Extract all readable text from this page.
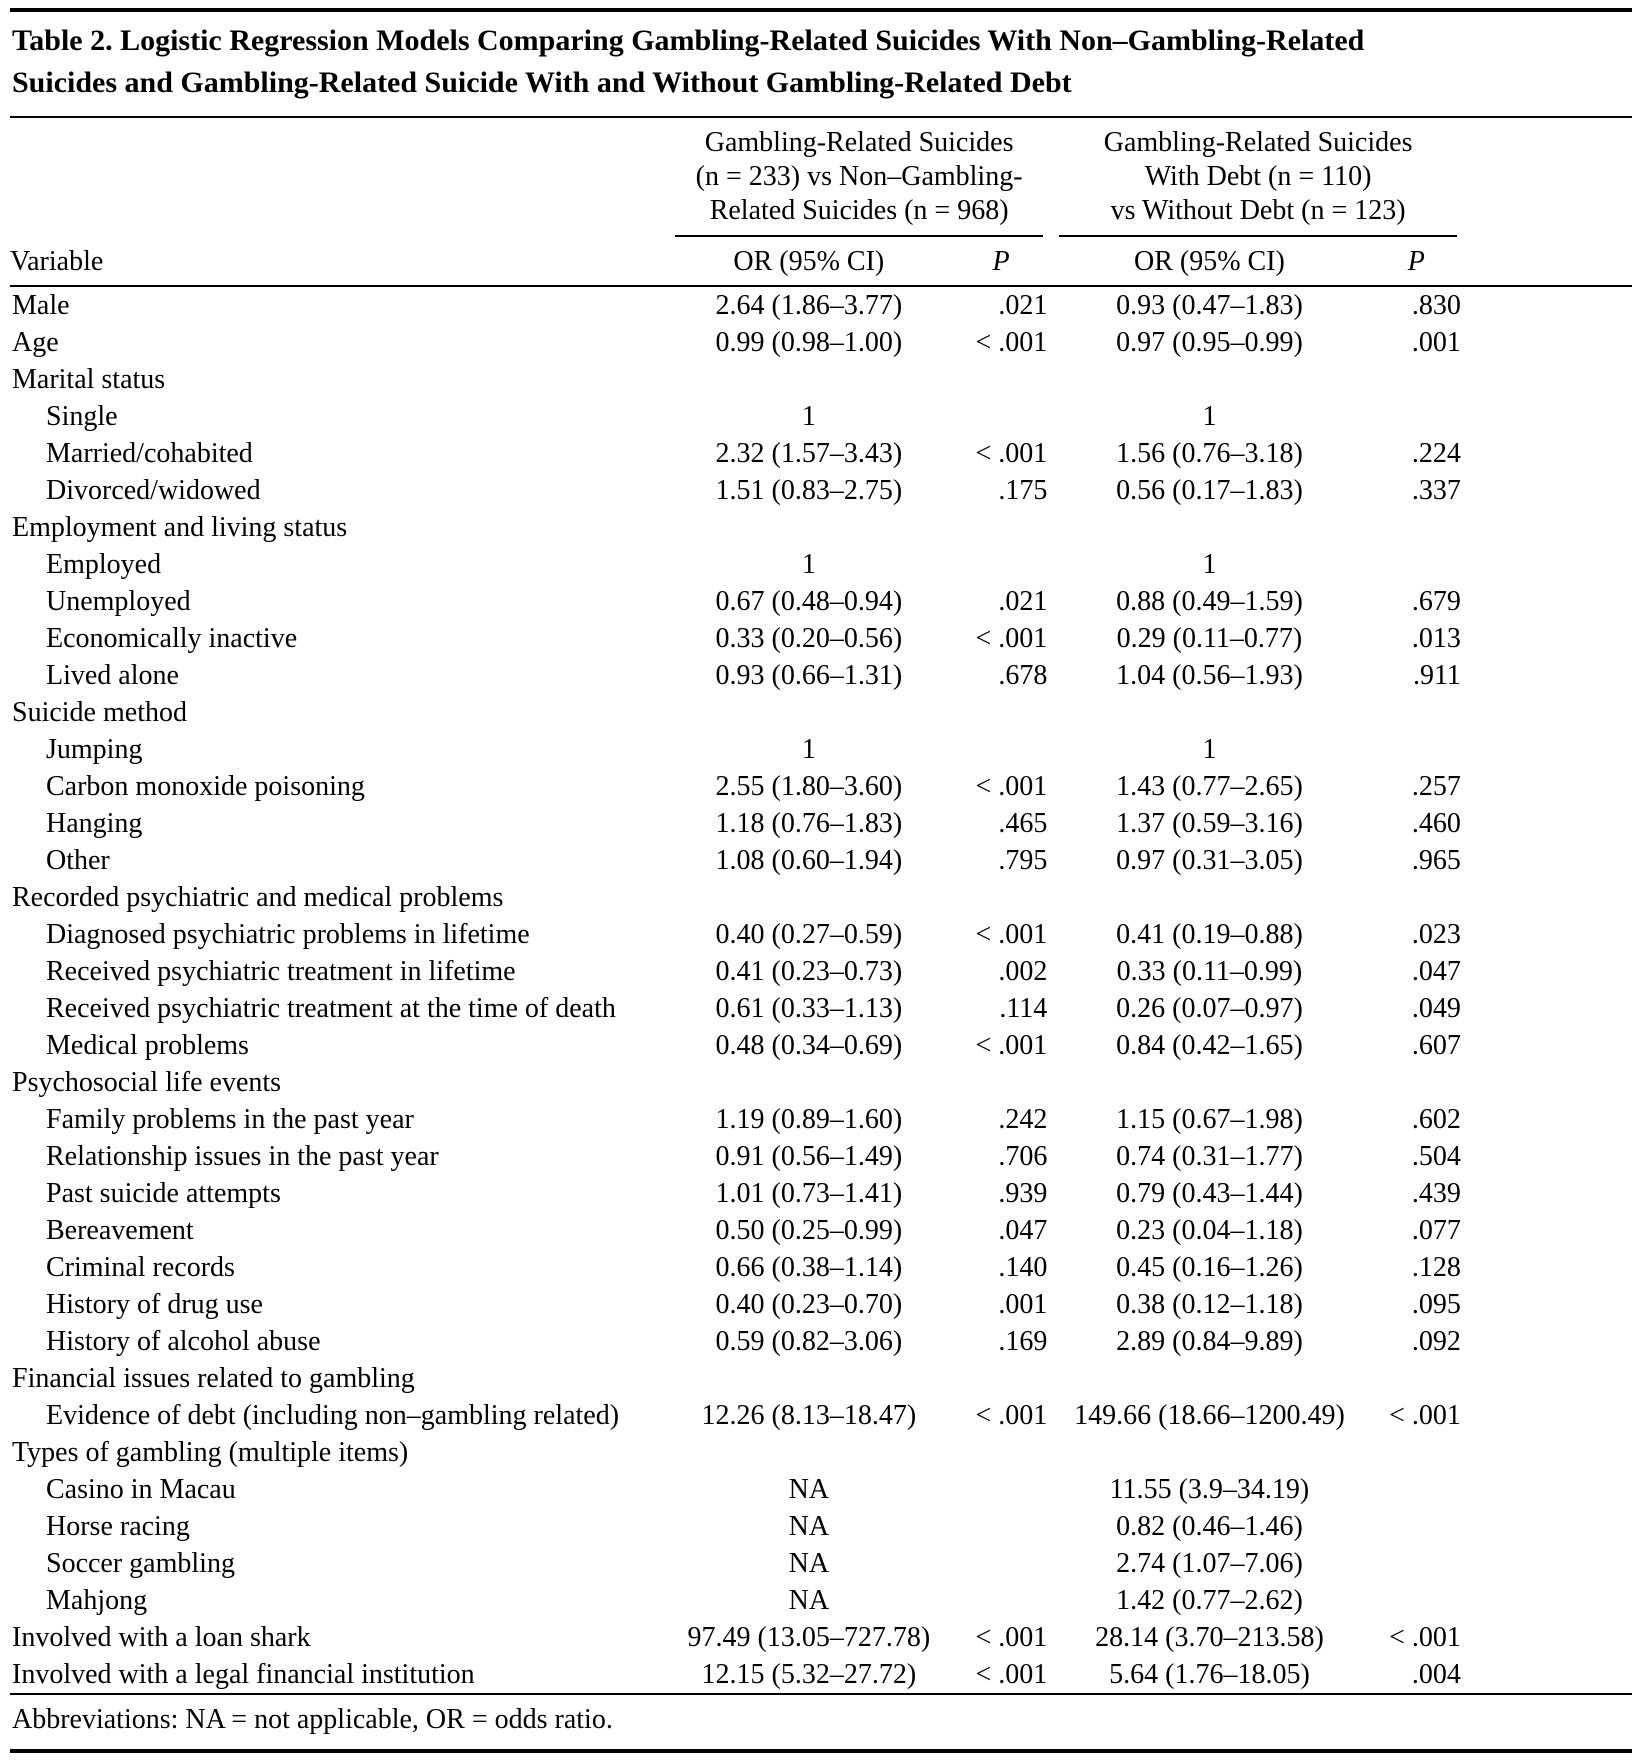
Table 2. Logistic Regression Models Comparing Gambling-Related Suicides With Non–Gambling-Related
Suicides and Gambling-Related Suicide With and Without Gambling-Related Debt

Gambling-Related Suicides
(n = 233) vs Non–Gambling-
Related Suicides (n = 968)

Gambling-Related Suicides
With Debt (n = 110)
vs Without Debt (n = 123)

Variable	OR (95% CI)	P	OR (95% CI)	P	
Male	2.64 (1.86–3.77)	.021	0.93 (0.47–1.83)	.830	
Age	0.99 (0.98–1.00)	< .001	0.97 (0.95–0.99)	.001	
Marital status					
Single	1		1		
Married/cohabited	2.32 (1.57–3.43)	< .001	1.56 (0.76–3.18)	.224	
Divorced/widowed	1.51 (0.83–2.75)	.175	0.56 (0.17–1.83)	.337	
Employment and living status					
Employed	1		1		
Unemployed	0.67 (0.48–0.94)	.021	0.88 (0.49–1.59)	.679	
Economically inactive	0.33 (0.20–0.56)	< .001	0.29 (0.11–0.77)	.013	
Lived alone	0.93 (0.66–1.31)	.678	1.04 (0.56–1.93)	.911	
Suicide method					
Jumping	1		1		
Carbon monoxide poisoning	2.55 (1.80–3.60)	< .001	1.43 (0.77–2.65)	.257	
Hanging	1.18 (0.76–1.83)	.465	1.37 (0.59–3.16)	.460	
Other	1.08 (0.60–1.94)	.795	0.97 (0.31–3.05)	.965	
Recorded psychiatric and medical problems					
Diagnosed psychiatric problems in lifetime	0.40 (0.27–0.59)	< .001	0.41 (0.19–0.88)	.023	
Received psychiatric treatment in lifetime	0.41 (0.23–0.73)	.002	0.33 (0.11–0.99)	.047	
Received psychiatric treatment at the time of death	0.61 (0.33–1.13)	.114	0.26 (0.07–0.97)	.049	
Medical problems	0.48 (0.34–0.69)	< .001	0.84 (0.42–1.65)	.607	
Psychosocial life events					
Family problems in the past year	1.19 (0.89–1.60)	.242	1.15 (0.67–1.98)	.602	
Relationship issues in the past year	0.91 (0.56–1.49)	.706	0.74 (0.31–1.77)	.504	
Past suicide attempts	1.01 (0.73–1.41)	.939	0.79 (0.43–1.44)	.439	
Bereavement	0.50 (0.25–0.99)	.047	0.23 (0.04–1.18)	.077	
Criminal records	0.66 (0.38–1.14)	.140	0.45 (0.16–1.26)	.128	
History of drug use	0.40 (0.23–0.70)	.001	0.38 (0.12–1.18)	.095	
History of alcohol abuse	0.59 (0.82–3.06)	.169	2.89 (0.84–9.89)	.092	
Financial issues related to gambling					
Evidence of debt (including non–gambling related)	12.26 (8.13–18.47)	< .001	149.66 (18.66–1200.49)	< .001	
Types of gambling (multiple items)					
Casino in Macau	NA		11.55 (3.9–34.19)		
Horse racing	NA		0.82 (0.46–1.46)		
Soccer gambling	NA		2.74 (1.07–7.06)		
Mahjong	NA		1.42 (0.77–2.62)		
Involved with a loan shark	97.49 (13.05–727.78)	< .001	28.14 (3.70–213.58)	< .001	
Involved with a legal financial institution	12.15 (5.32–27.72)	< .001	5.64 (1.76–18.05)	.004	
Abbreviations: NA = not applicable, OR = odds ratio.
